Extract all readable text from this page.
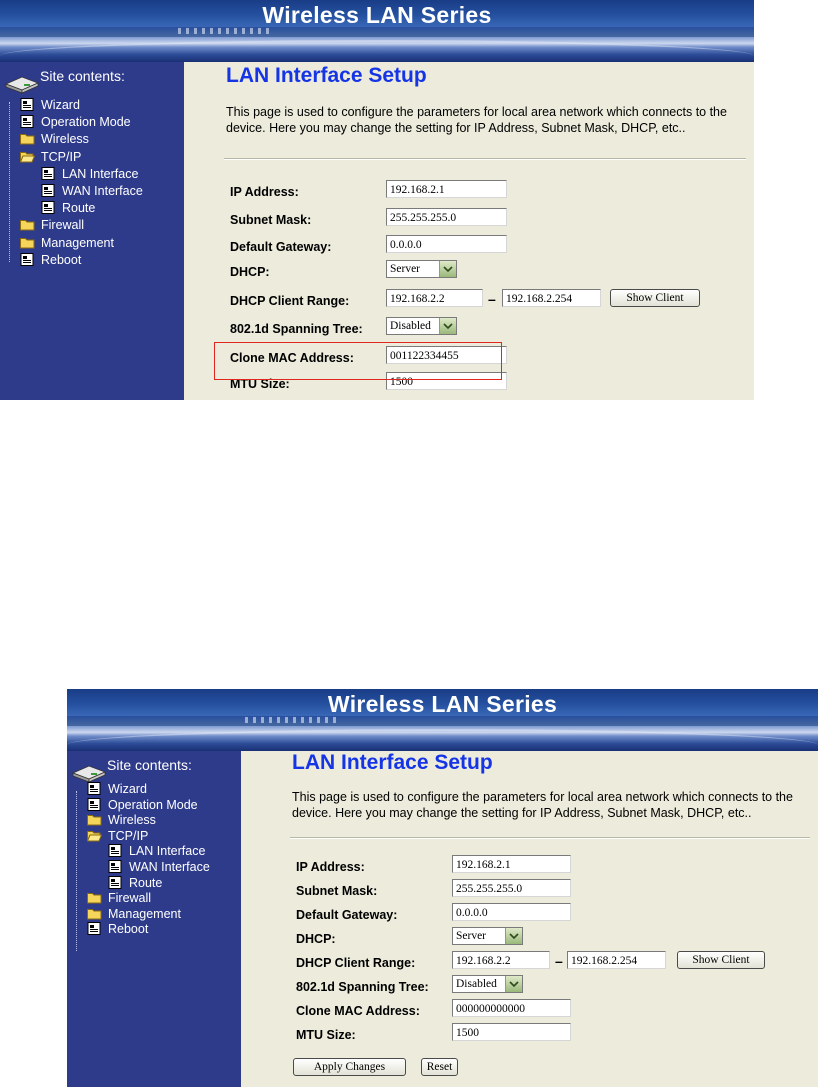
Wireless LAN Series
Site contents:
Wizard
Operation Mode
Wireless
TCP/IP
LAN Interface
WAN Interface
Route
Firewall
Management
Reboot
LAN Interface Setup
This page is used to configure the parameters for local area network which connects to the device. Here you may change the setting for IP Address, Subnet Mask, DHCP, etc..
IP Address:	192.168.2.1
Subnet Mask:	255.255.255.0
Default Gateway:	0.0.0.0
DHCP:	Server
DHCP Client Range:	192.168.2.2	– 192.168.2.254	Show Client
802.1d Spanning Tree:	Disabled
Clone MAC Address:	001122334455
MTU Size:	1500
Wireless LAN Series
Site contents:
Wizard
Operation Mode
Wireless
TCP/IP
LAN Interface
WAN Interface
Route
Firewall
Management
Reboot
LAN Interface Setup
This page is used to configure the parameters for local area network which connects to the device. Here you may change the setting for IP Address, Subnet Mask, DHCP, etc..
IP Address:	192.168.2.1
Subnet Mask:	255.255.255.0
Default Gateway:	0.0.0.0
DHCP:	Server
DHCP Client Range:	192.168.2.2	– 192.168.2.254	Show Client
802.1d Spanning Tree:	Disabled
Clone MAC Address:	000000000000
MTU Size:	1500
Apply Changes	Reset
